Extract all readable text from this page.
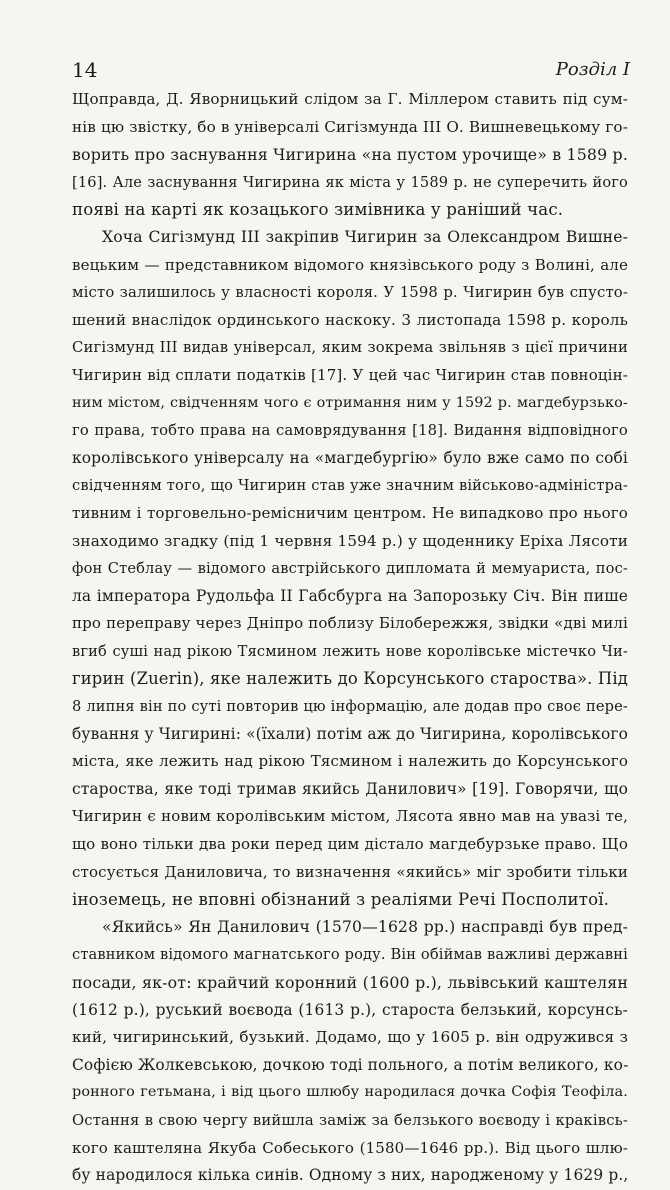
14	Розділ І
Щоправда, Д. Яворницький слідом за Г. Міллером ставить під сум-
нів цю звістку, бо в універсалі Сигізмунда III О. Вишневецькому го-
ворить про заснування Чигирина «на пустом урочище» в 1589 р.
[16]. Але заснування Чигирина як міста у 1589 р. не суперечить його
появі на карті як козацького зимівника у раніший час.
Хоча Сигізмунд III закріпив Чигирин за Олександром Вишне-
вецьким — представником відомого князівського роду з Волині, але
місто залишилось у власності короля. У 1598 р. Чигирин був спусто-
шений внаслідок ординського наскоку. 3 листопада 1598 р. король
Сигізмунд III видав універсал, яким зокрема звільняв з цієї причини
Чигирин від сплати податків [17]. У цей час Чигирин став повноцін-
ним містом, свідченням чого є отримання ним у 1592 р. магдебурзько-
го права, тобто права на самоврядування [18]. Видання відповідного
королівського універсалу на «магдебургію» було вже само по собі
свідченням того, що Чигирин став уже значним військово-адміністра-
тивним і торговельно-ремісничим центром. Не випадково про нього
знаходимо згадку (під 1 червня 1594 р.) у щоденнику Еріха Лясоти
фон Стеблау — відомого австрійського дипломата й мемуариста, пос-
ла імператора Рудольфа II Габсбурга на Запорозьку Січ. Він пише
про переправу через Дніпро поблизу Білобережжя, звідки «дві милі
вгиб суші над рікою Тясмином лежить нове королівське містечко Чи-
гирин (Zuerin), яке належить до Корсунського староства». Під
8 липня він по суті повторив цю інформацію, але додав про своє пере-
бування у Чигирині: «(їхали) потім аж до Чигирина, королівського
міста, яке лежить над рікою Тясмином і належить до Корсунського
староства, яке тоді тримав якийсь Данилович» [19]. Говорячи, що
Чигирин є новим королівським містом, Лясота явно мав на увазі те,
що воно тільки два роки перед цим дістало магдебурзьке право. Що
стосується Даниловича, то визначення «якийсь» міг зробити тільки
іноземець, не вповні обізнаний з реаліями Речі Посполитої.
«Якийсь» Ян Данилович (1570—1628 рр.) насправді був пред-
ставником відомого магнатського роду. Він обіймав важливі державні
посади, як-от: крайчий коронний (1600 р.), львівський каштелян
(1612 р.), руський воєвода (1613 р.), староста белзький, корсунсь-
кий, чигиринський, бузький. Додамо, що у 1605 р. він одружився з
Софією Жолкевською, дочкою тоді польного, а потім великого, ко-
ронного гетьмана, і від цього шлюбу народилася дочка Софія Теофіла.
Остання в свою чергу вийшла заміж за белзького воєводу і краківсь-
кого каштеляна Якуба Собеського (1580—1646 рр.). Від цього шлю-
бу народилося кілька синів. Одному з них, народженому у 1629 р.,
